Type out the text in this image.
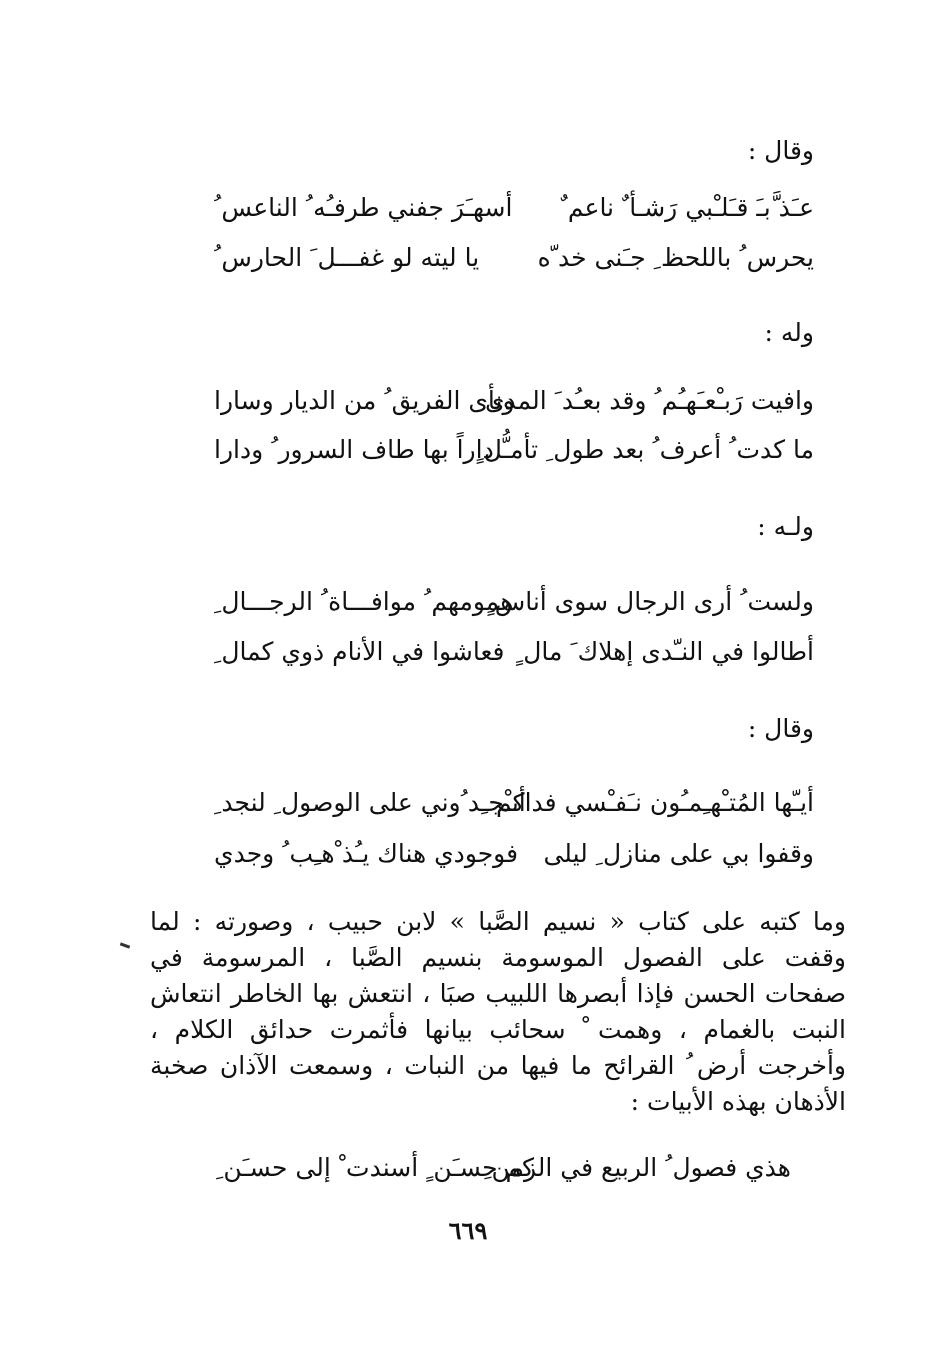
وقال :
عـَذ َّبـَ قـَلـْبي رَشـأ ٌ ناعم ٌ
أسهـَرَ جفني طرفـُه ُ الناعس ُ
يحرس ُ باللحظ ِ جـَنى خد ّه
يا ليته لو غفـــل َ الحارس ُ
وله :
وافيت رَبـْعـَهـُم ُ وقد بعـُد َ المدى
ونأى الفريق ُ من الديار وسارا
ما كدت ُ أعرف ُ بعد طول ِ تأمـُّل ٍ
داراً بها طاف السرور ُ ودارا
ولـه :
ولست ُ أرى الرجال سوى أناس ٍ
همومهم ُ موافـــاة ُ الرجـــال ِ
أطالوا في النـّدى إهلاك َ مال ٍ
فعاشوا في الأنام ذوي كمال ِ
وقال :
أيـّها المُتـْهـِمـُون نـَفـْسي فداكم
أنـْجـِد ُوني على الوصول ِ لنجد ِ
وقفوا بي على منازل ِ ليلى
فوجودي هناك يـُذ ْهـِب ُ وجدي

وما كتبه على كتاب « نسيم الصَّبا » لابن حبيب ، وصورته : لما وقفت على الفصول الموسومة بنسيم الصَّبا ، المرسومة في صفحات الحسن فإذا أبصرها اللبيب صبَا ، انتعش بها الخاطر انتعاش النبت بالغمام ، وهمت ْ سحائب بيانها فأثمرت حدائق الكلام ، وأخرجت أرض ُ القرائح ما فيها من النبات ، وسمعت الآذان صخبة الأذهان بهذه الأبيات :

هذي فصول ُ الربيع في الزمن ِ
كم حسـَن ٍ أسندت ْ إلى حسـَن ِ
٦٦٩
